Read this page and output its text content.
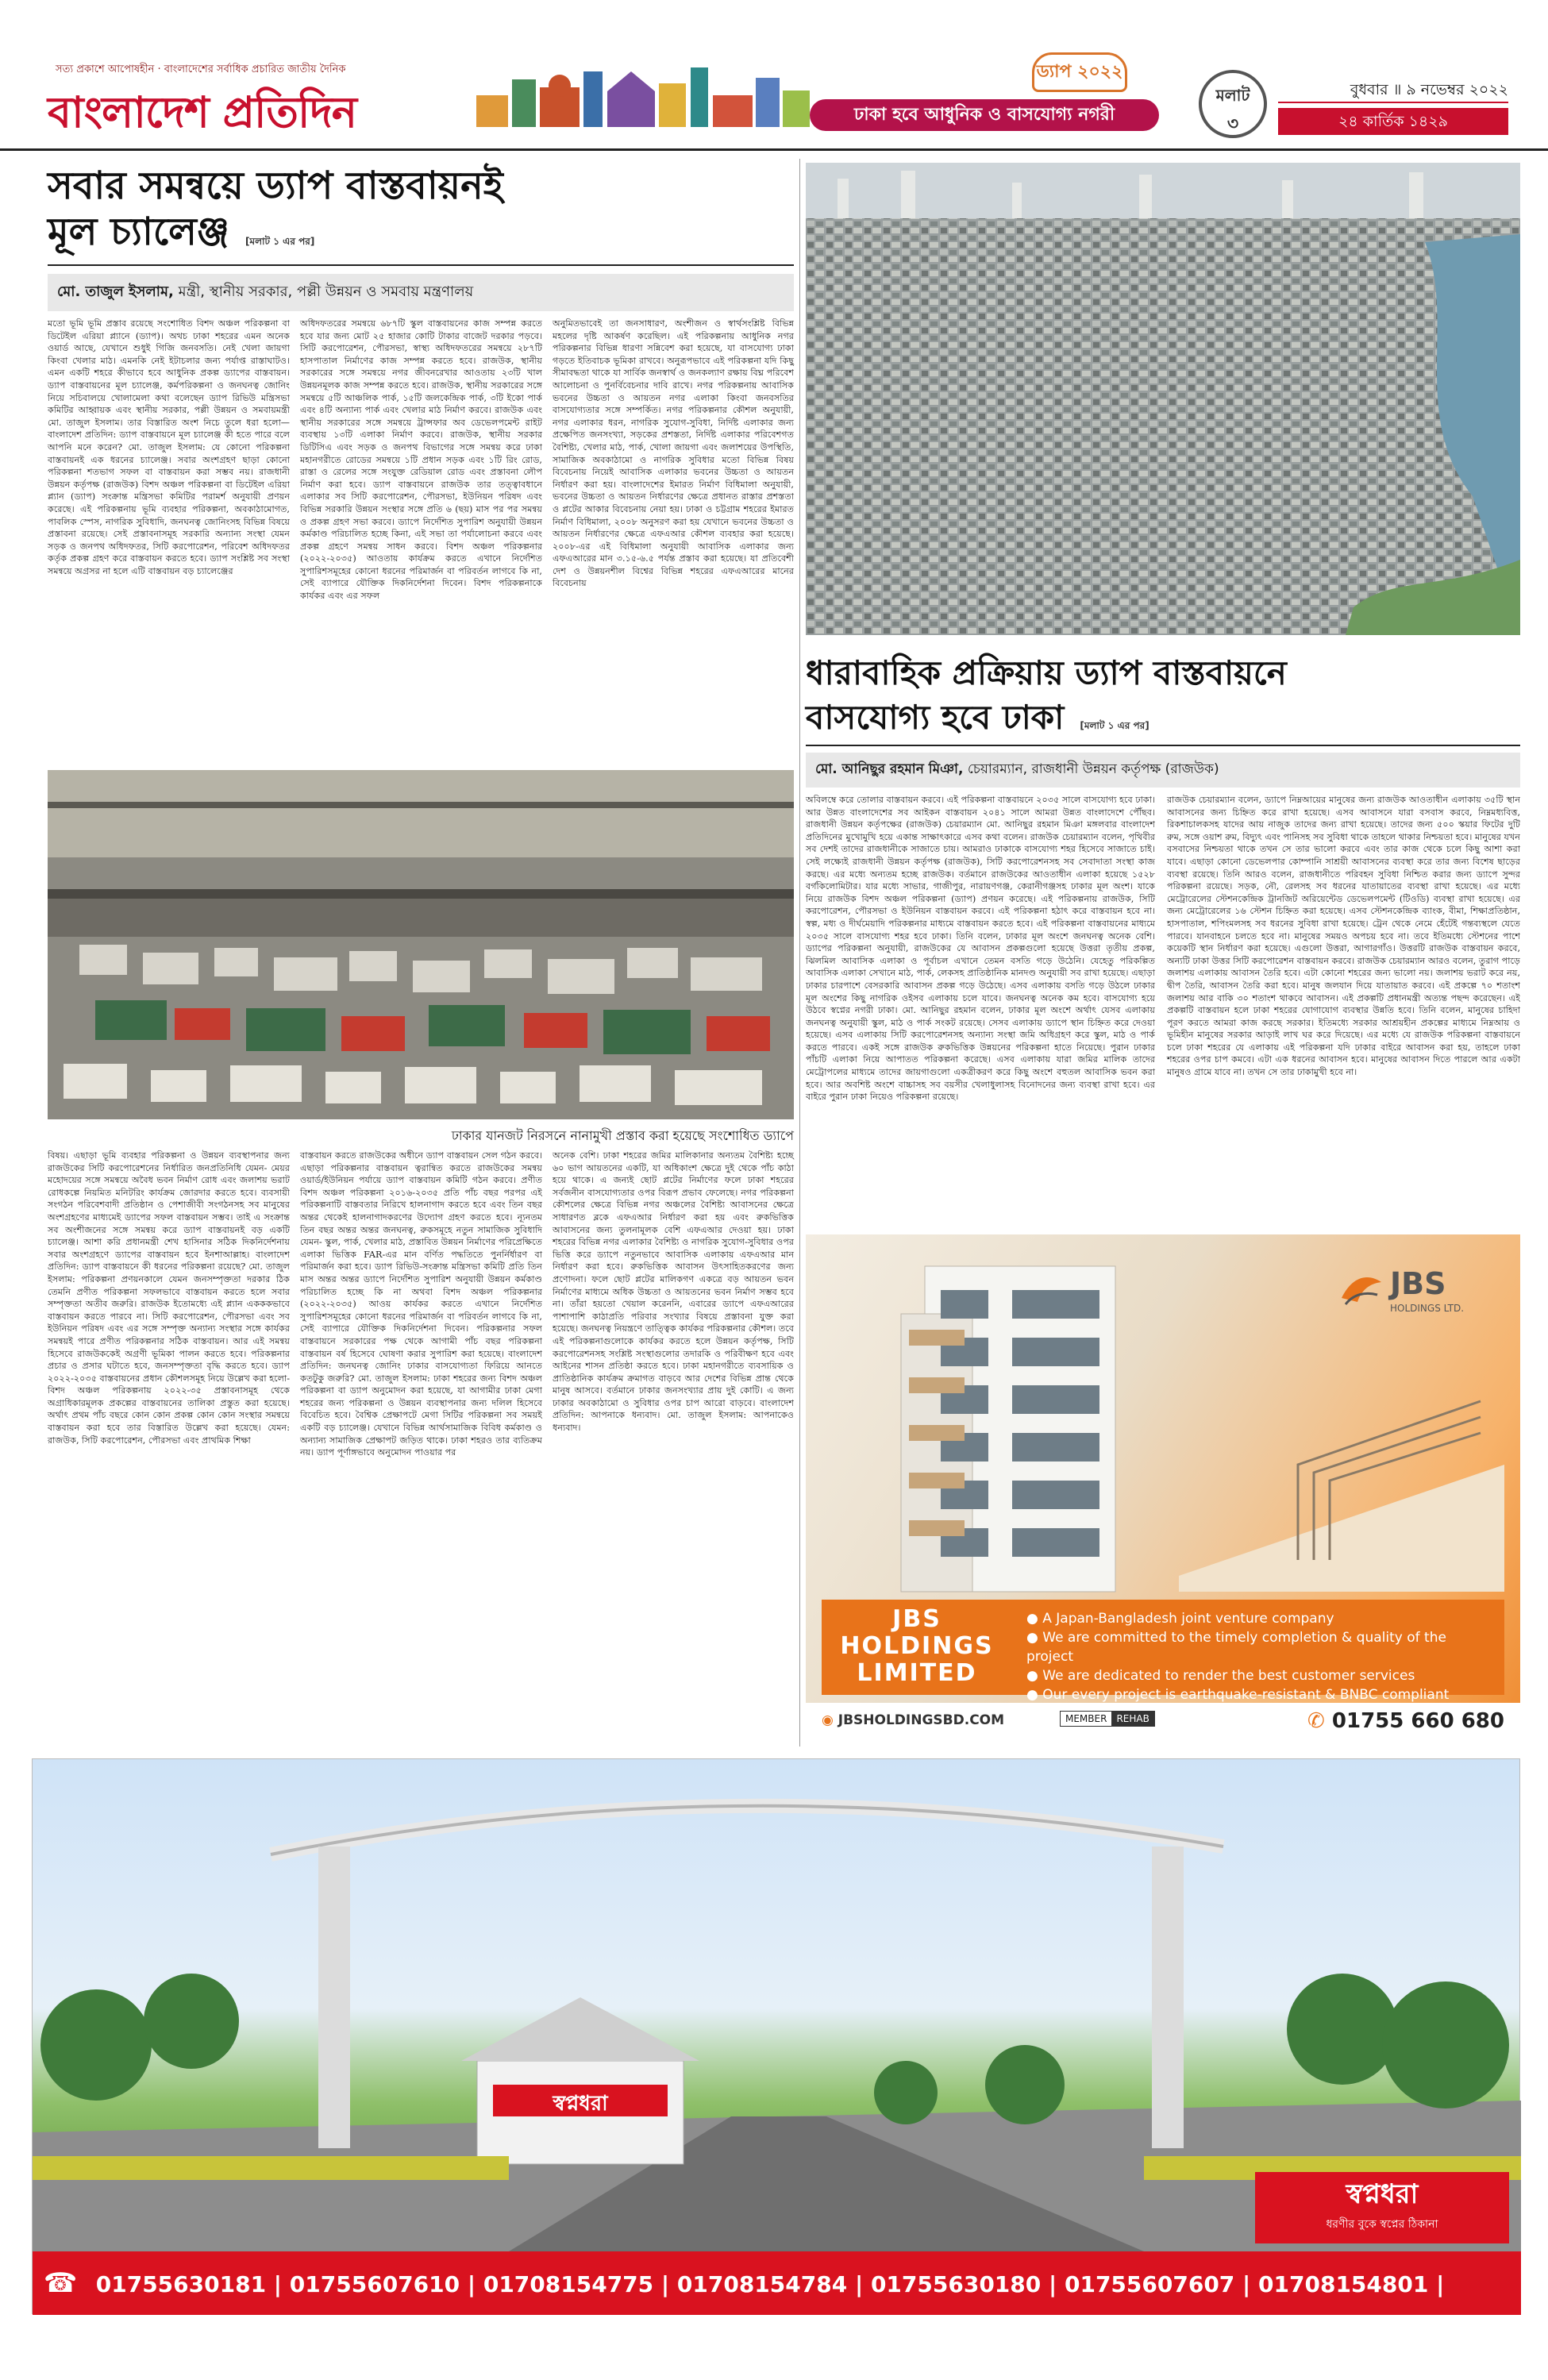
সত্য প্রকাশে আপোষহীন · বাংলাদেশের সর্বাধিক প্রচারিত জাতীয় দৈনিক
বাংলাদেশ প্রতিদিন
ড্যাপ ২০২২
ঢাকা হবে আধুনিক ও বাসযোগ্য নগরী
মলাট
৩
বুধবার ॥ ৯ নভেম্বর ২০২২
২৪ কার্তিক ১৪২৯
সবার সমন্বয়ে ড্যাপ বাস্তবায়নই
মূল চ্যালেঞ্জ [মলাট ১ এর পর]
মো. তাজুল ইসলাম, মন্ত্রী, স্থানীয় সরকার, পল্লী উন্নয়ন ও সমবায় মন্ত্রণালয়
মতো ভূমি ভূমি প্রস্তাব রয়েছে সংশোধিত বিশদ অঞ্চল পরিকল্পনা বা ডিটেইল এরিয়া প্ল্যানে (ড্যাপ)। অথচ ঢাকা শহরের এমন অনেক ওয়ার্ড আছে, যেখানে শুধুই গিজি জনবসতি। নেই খেলা জায়গা কিংবা খেলার মাঠ। এমনকি নেই ইটাচলার জন্য পর্যাপ্ত রাস্তাঘাটও। এমন একটি শহরে কীভাবে হবে আধুনিক প্রকল্প ড্যাপের বাস্তবায়ন। ড্যাপ বাস্তবায়নের মূল চ্যালেঞ্জ, কর্মপরিকল্পনা ও জনঘনত্ব জোনিং নিয়ে সচিবালয়ে খোলামেলা কথা বলেছেন ড্যাপ রিভিউ মন্ত্রিসভা কমিটির আহ্বায়ক এবং স্থানীয় সরকার, পল্লী উন্নয়ন ও সমবায়মন্ত্রী মো. তাজুল ইসলাম। তার বিস্তারিত অংশ নিচে তুলে ধরা হলো— বাংলাদেশ প্রতিদিন: ড্যাপ বাস্তবায়নে মূল চ্যালেঞ্জ কী হতে পারে বলে আপনি মনে করেন? মো. তাজুল ইসলাম: যে কোনো পরিকল্পনা বাস্তবায়নই এক ধরনের চ্যালেঞ্জ। সবার অংশগ্রহণ ছাড়া কোনো পরিকল্পনা শতভাগ সফল বা বাস্তবায়ন করা সম্ভব নয়। রাজধানী উন্নয়ন কর্তৃপক্ষ (রাজউক) বিশদ অঞ্চল পরিকল্পনা বা ডিটেইল এরিয়া প্ল্যান (ড্যাপ) সংক্রান্ত মন্ত্রিসভা কমিটির পরামর্শ অনুযায়ী প্রণয়ন করেছে। এই পরিকল্পনায় ভূমি ব্যবহার পরিকল্পনা, অবকাঠামোগত, পাবলিক স্পেস, নাগরিক সুবিধাদি, জনঘনত্ব জোনিংসহ বিভিন্ন বিষয়ে প্রস্তাবনা রয়েছে। সেই প্রস্তাবনাসমূহ সরকারি অন্যান্য সংস্থা যেমন সড়ক ও জনপথ অধিদফতর, সিটি করপোরেশন, পরিবেশ অধিদফতর কর্তৃক প্রকল্প গ্রহণ করে বাস্তবায়ন করতে হবে। ড্যাপ সংশ্লিষ্ট সব সংস্থা সমন্বয়ে অগ্রসর না হলে এটি বাস্তবায়ন বড় চ্যালেঞ্জের
অধিদফতরের সমন্বয়ে ৬৮৭টি স্কুল বাস্তবায়নের কাজ সম্পন্ন করতে হবে যার জন্য মোট ২৫ হাজার কোটি টাকার বাজেট দরকার পড়বে। সিটি করপোরেশন, পৌরসভা, স্বাস্থ্য অধিদফতরের সমন্বয়ে ২৮৭টি হাসপাতাল নির্মাণের কাজ সম্পন্ন করতে হবে। রাজউক, স্থানীয় সরকারের সঙ্গে সমন্বয়ে নগর জীবনরেখার আওতায় ২৩টি খাল উন্নয়নমূলক কাজ সম্পন্ন করতে হবে। রাজউক, স্থানীয় সরকারের সঙ্গে সমন্বয়ে ৫টি আঞ্চলিক পার্ক, ১৫টি জলকেন্দ্রিক পার্ক, ৩টি ইকো পার্ক এবং ৪টি অন্যান্য পার্ক এবং খেলার মাঠ নির্মাণ করবে। রাজউক এবং স্থানীয় সরকারের সঙ্গে সমন্বয়ে ট্রান্সফার অব ডেভেলপমেন্ট রাইট ব্যবস্থায় ১৩টি এলাকা নির্মাণ করবে। রাজউক, স্থানীয় সরকার ডিটিসিএ এবং সড়ক ও জনপথ বিভাগের সঙ্গে সমন্বয় করে ঢাকা মহানগরীতে রোডের সমন্বয়ে ১টি প্রধান সড়ক এবং ১টি রিং রোড, রাস্তা ও রেলের সঙ্গে সংযুক্ত রেডিয়াল রোড এবং প্রস্তাবনা লৌপ নির্মাণ করা হবে। ড্যাপ বাস্তবায়নে রাজউক তার তত্ত্বাবধানে এলাকার সব সিটি করপোরেশন, পৌরসভা, ইউনিয়ন পরিষদ এবং বিভিন্ন সরকারি উন্নয়ন সংস্থার সঙ্গে প্রতি ৬ (ছয়) মাস পর পর সমন্বয় ও প্রকল্প গ্রহণ সভা করবে। ড্যাপে নির্দেশিত সুপারিশ অনুযায়ী উন্নয়ন কর্মকাণ্ড পরিচালিত হচ্ছে কিনা, এই সভা তা পর্যালোচনা করবে এবং প্রকল্প গ্রহণে সমন্বয় সাধন করবে। বিশদ অঞ্চল পরিকল্পনার (২০২২-২০৩৫) আওতায় কার্যক্রম করতে এখানে নির্দেশিত সুপারিশসমূহের কোনো ধরনের পরিমার্জন বা পরিবর্তন লাগবে কি না, সেই ব্যাপারে যৌক্তিক দিকনির্দেশনা দিবেন। বিশদ পরিকল্পনাকে কার্যকর এবং এর সফল
অনুমিতভাবেই তা জনসাধারণ, অংশীজন ও স্বার্থসংশ্লিষ্ট বিভিন্ন মহলের দৃষ্টি আকর্ষণ করেছিল। এই পরিকল্পনায় আধুনিক নগর পরিকল্পনার বিভিন্ন ধারণা সন্নিবেশ করা হয়েছে, যা বাসযোগ্য ঢাকা গড়তে ইতিবাচক ভূমিকা রাখবে। অনুরূপভাবে এই পরিকল্পনা যদি কিছু সীমাবদ্ধতা থাকে যা সার্বিক জনস্বার্থ ও জনকল্যাণ রক্ষায় বিঘ্ন পরিবেশ আলোচনা ও পুনর্বিবেচনার দাবি রাখে। নগর পরিকল্পনায় আবাসিক ভবনের উচ্চতা ও আয়তন নগর এলাকা কিংবা জনবসতির বাসযোগ্যতার সঙ্গে সম্পর্কিত। নগর পরিকল্পনার কৌশল অনুযায়ী, নগর এলাকার ধরন, নাগরিক সুযোগ-সুবিধা, নির্দিষ্ট এলাকার জন্য প্রক্ষেপিত জনসংখ্যা, সড়কের প্রশস্ততা, নির্দিষ্ট এলাকার পরিবেশগত বৈশিষ্ট্য, খেলার মাঠ, পার্ক, খোলা জায়গা এবং জলাশয়ের উপস্থিতি, সামাজিক অবকাঠামো ও নাগরিক সুবিধার মতো বিভিন্ন বিষয় বিবেচনায় নিয়েই আবাসিক এলাকার ভবনের উচ্চতা ও আয়তন নির্ধারণ করা হয়। বাংলাদেশের ইমারত নির্মাণ বিধিমালা অনুযায়ী, ভবনের উচ্চতা ও আয়তন নির্ধারণের ক্ষেত্রে প্রধানত রাস্তার প্রশস্ততা ও প্লটের আকার বিবেচনায় নেয়া হয়। ঢাকা ও চট্টগ্রাম শহরের ইমারত নির্মাণ বিধিমালা, ২০০৮ অনুসরণ করা হয় যেখানে ভবনের উচ্চতা ও আয়তন নির্ধারণের ক্ষেত্রে এফএআর কৌশল ব্যবহার করা হয়েছে। ২০০৮-এর এই বিধিমালা অনুযায়ী আবাসিক এলাকার জন্য এফএআরের মান ৩.১৫-৬.৫ পর্যন্ত প্রস্তাব করা হয়েছে। যা প্রতিবেশী দেশ ও উন্নয়নশীল বিশ্বের বিভিন্ন শহরের এফএআরের মানের বিবেচনায়
ঢাকার যানজট নিরসনে নানামুখী প্রস্তাব করা হয়েছে সংশোধিত ড্যাপে
বিষয়। এছাড়া ভূমি ব্যবহার পরিকল্পনা ও উন্নয়ন ব্যবস্থাপনার জন্য রাজউকের সিটি করপোরেশনের নির্ধারিত জনপ্রতিনিধি যেমন- মেয়র মহোদয়ের সঙ্গে সমন্বয়ে অবৈধ ভবন নির্মাণ রোধ এবং জলাশয় ভরাট রোধকল্পে নিয়মিত মনিটরিং কার্যক্রম জোরদার করতে হবে। ব্যবসায়ী সংগঠন পরিবেশবাদী প্রতিষ্ঠান ও পেশাজীবী সংগঠনসহ সব মানুষের অংশগ্রহণের মাধ্যমেই ড্যাপের সফল বাস্তবায়ন সম্ভব। তাই এ সংক্রান্ত সব অংশীজনের সঙ্গে সমন্বয় করে ড্যাপ বাস্তবায়নই বড় একটি চ্যালেঞ্জ। আশা করি প্রধানমন্ত্রী শেখ হাসিনার সঠিক দিকনির্দেশনায় সবার অংশগ্রহণে ড্যাপের বাস্তবায়ন হবে ইনশাআল্লাহ। বাংলাদেশ প্রতিদিন: ড্যাপ বাস্তবায়নে কী ধরনের পরিকল্পনা রয়েছে? মো. তাজুল ইসলাম: পরিকল্পনা প্রণয়নকালে যেমন জনসম্পৃক্ততা দরকার ঠিক তেমনি প্রণীত পরিকল্পনা সফলভাবে বাস্তবায়ন করতে হলে সবার সম্পৃক্ততা অতীব জরুরি। রাজউক ইতোমধ্যে এই প্ল্যান একককভাবে বাস্তবায়ন করতে পারবে না। সিটি করপোরেশন, পৌরসভা এবং সব ইউনিয়ন পরিষদ এবং এর সঙ্গে সম্পৃক্ত অন্যান্য সংস্থার সঙ্গে কার্যকর সমন্বয়ই পারে প্রণীত পরিকল্পনার সঠিক বাস্তবায়ন। আর এই সমন্বয় হিসেবে রাজউককেই অগ্রণী ভূমিকা পালন করতে হবে। পরিকল্পনার প্রচার ও প্রসার ঘটাতে হবে, জনসম্পৃক্ততা বৃদ্ধি করতে হবে। ড্যাপ ২০২২-২০৩৫ বাস্তবায়নের প্রধান কৌশলসমূহ নিয়ে উল্লেখ করা হলো-বিশদ অঞ্চল পরিকল্পনায় ২০২২-৩৫ প্রস্তাবনাসমূহ থেকে অগ্রাধিকারমূলক প্রকল্পের বাস্তবায়নের তালিকা প্রস্তুত করা হয়েছে। অর্থাৎ প্রথম পাঁচ বছরে কোন কোন প্রকল্প কোন কোন সংস্থার সমন্বয়ে বাস্তবায়ন করা হবে তার বিস্তারিত উল্লেখ করা হয়েছে। যেমন: রাজউক, সিটি করপোরেশন, পৌরসভা এবং প্রাথমিক শিক্ষা
বাস্তবায়ন করতে রাজউকের অধীনে ড্যাপ বাস্তবায়ন সেল গঠন করবে। এছাড়া পরিকল্পনার বাস্তবায়ন ত্বরান্বিত করতে রাজউকের সমন্বয় ওয়ার্ড/ইউনিয়ন পর্যায়ে ড্যাপ বাস্তবায়ন কমিটি গঠন করবে। প্রণীত বিশদ অঞ্চল পরিকল্পনা ২০১৬-২০৩৫ প্রতি পাঁচ বছর পরপর এই পরিকল্পনাটি বাস্তবতার নিরিখে হালনাগাদ করতে হবে এবং তিন বছর অন্তর থেকেই হালনাগাদকরণের উদ্যোগ গ্রহণ করতে হবে। ন্যূনতম তিন বছর অন্তর অন্তর জনঘনত্ব, রুকসমূহে নতুন সামাজিক সুবিধাদি যেমন- স্কুল, পার্ক, খেলার মাঠ, প্রস্তাবিত উন্নয়ন নির্মাণের পরিপ্রেক্ষিতে এলাকা ভিত্তিক FAR-এর মান বর্ণিত পদ্ধতিতে পুনর্নির্ধারণ বা পরিমার্জন করা হবে। ড্যাপ রিভিউ-সংক্রান্ত মন্ত্রিসভা কমিটি প্রতি তিন মাস অন্তর অন্তর ড্যাপে নির্দেশিত সুপারিশ অনুযায়ী উন্নয়ন কর্মকাণ্ড পরিচালিত হচ্ছে কি না অথবা বিশদ অঞ্চল পরিকল্পনার (২০২২-২০৩৫) আওয় কার্যকর করতে এখানে নির্দেশিত সুপারিশসমূহের কোনো ধরনের পরিমার্জন বা পরিবর্তন লাগবে কি না, সেই ব্যাপারে যৌক্তিক দিকনির্দেশনা দিবেন। পরিকল্পনার সফল বাস্তবায়নে সরকারের পক্ষ থেকে আগামী পাঁচ বছর পরিকল্পনা বাস্তবায়ন বর্ষ হিসেবে ঘোষণা করার সুপারিশ করা হয়েছে। বাংলাদেশ প্রতিদিন: জনঘনত্ব জোনিং ঢাকার বাসযোগ্যতা ফিরিয়ে আনতে কতটুকু জরুরি? মো. তাজুল ইসলাম: ঢাকা শহরের জন্য বিশদ অঞ্চল পরিকল্পনা বা ড্যাপ অনুমোদন করা হয়েছে, যা আগামীর ঢাকা মেগা শহরের জন্য পরিকল্পনা ও উন্নয়ন ব্যবস্থাপনার জন্য দলিল হিসেবে বিবেচিত হবে। বৈশ্বিক প্রেক্ষাপটে মেগা সিটির পরিকল্পনা সব সময়ই একটি বড় চ্যালেঞ্জ। যেখানে বিভিন্ন আর্থসামাজিক বিবিধ কর্মকাণ্ড ও অন্যান্য সামাজিক প্রেক্ষাপট জড়িত থাকে। ঢাকা শহরও তার ব্যতিক্রম নয়। ড্যাপ পূর্ণাঙ্গভাবে অনুমোদন পাওয়ার পর
অনেক বেশি। ঢাকা শহরের জমির মালিকানার অন্যতম বৈশিষ্ট্য হচ্ছে ৬০ ভাগ আয়তনের একটি, যা অধিকাংশ ক্ষেত্রে দুই থেকে পাঁচ কাঠা হয়ে থাকে। এ জন্যই ছোট প্লটের নির্মাণের ফলে ঢাকা শহরের সর্বজনীন বাসযোগ্যতার ওপর বিরূপ প্রভাব ফেলেছে। নগর পরিকল্পনা কৌশলের ক্ষেত্রে বিভিন্ন নগর অঞ্চলের বৈশিষ্ট্য আবাসনের ক্ষেত্রে সাধারণত ব্লকে এফএআর নির্ধারণ করা হয় এবং রুকভিত্তিক আবাসনের জন্য তুলনামূলক বেশি এফএআর দেওয়া হয়। ঢাকা শহরের বিভিন্ন নগর এলাকার বৈশিষ্ট্য ও নাগরিক সুযোগ-সুবিধার ওপর ভিত্তি করে ড্যাপে নতুনভাবে আবাসিক এলাকায় এফএআর মান নির্ধারণ করা হবে। রুকভিত্তিক আবাসন উৎসাহিতকরণের জন্য প্রণোদনা। ফলে ছোট প্লটের মালিকগণ একত্রে বড় আয়তন ভবন নির্মাণের মাধ্যমে অধিক উচ্চতা ও আয়তনের ভবন নির্মাণ সম্ভব হবে না। তাঁরা হয়তো খেয়াল করেননি, এবারের ড্যাপে এফএআরের পাশাপাশি কাঠাপ্রতি পরিবার সংখ্যার বিষয়ে প্রস্তাবনা যুক্ত করা হয়েছে। জনঘনত্ব নিয়ন্ত্রণে তাত্ত্বিক কার্যকর পরিকল্পনার কৌশল। তবে এই পরিকল্পনাগুলোকে কার্যকর করতে হলে উন্নয়ন কর্তৃপক্ষ, সিটি করপোরেশনসহ সংশ্লিষ্ট সংস্থাগুলোর তদারকি ও পরিবীক্ষণ হবে এবং আইনের শাসন প্রতিষ্ঠা করতে হবে। ঢাকা মহানগরীতে ব্যবসায়িক ও প্রাতিষ্ঠানিক কার্যক্রম ক্রমাগত বাড়বে আর দেশের বিভিন্ন প্রান্ত থেকে মানুষ আসবে। বর্তমানে ঢাকার জনসংখ্যার প্রায় দুই কোটি। এ জন্য ঢাকার অবকাঠামো ও সুবিধার ওপর চাপ আরো বাড়বে। বাংলাদেশ প্রতিদিন: আপনাকে ধন্যবাদ। মো. তাজুল ইসলাম: আপনাকেও ধন্যবাদ।
ধারাবাহিক প্রক্রিয়ায় ড্যাপ বাস্তবায়নে
বাসযোগ্য হবে ঢাকা [মলাট ১ এর পর]
মো. আনিছুর রহমান মিঞা, চেয়ারম্যান, রাজধানী উন্নয়ন কর্তৃপক্ষ (রাজউক)
অবিলম্বে করে তোলার বাস্তবায়ন করবে। এই পরিকল্পনা বাস্তবায়নে ২০৩৫ সালে বাসযোগ্য হবে ঢাকা। আর উন্নত বাংলাদেশের সব আইকন বাস্তবায়ন ২০৪১ সালে আমরা উন্নত বাংলাদেশে পৌঁছব। রাজধানী উন্নয়ন কর্তৃপক্ষের (রাজউক) চেয়ারম্যান মো. আনিছুর রহমান মিঞা মঙ্গলবার বাংলাদেশ প্রতিদিনের মুখোমুখি হয়ে একান্ত সাক্ষাৎকারে এসব কথা বলেন। রাজউক চেয়ারম্যান বলেন, পৃথিবীর সব দেশই তাদের রাজধানীকে সাজাতে চায়। আমরাও ঢাকাকে বাসযোগ্য শহর হিসেবে সাজাতে চাই। সেই লক্ষ্যেই রাজধানী উন্নয়ন কর্তৃপক্ষ (রাজউক), সিটি করপোরেশনসহ সব সেবাদাতা সংস্থা কাজ করছে। এর মধ্যে অন্যতম হচ্ছে রাজউক। বর্তমানে রাজউকের আওতাধীন এলাকা হয়েছে ১৫২৮ বর্গকিলোমিটার। যার মধ্যে সাভার, গাজীপুর, নারায়ণগঞ্জ, কেরানীগঞ্জসহ ঢাকার মূল অংশ। যাকে নিয়ে রাজউক বিশদ অঞ্চল পরিকল্পনা (ড্যাপ) প্রণয়ন করেছে। এই পরিকল্পনায় রাজউক, সিটি করপোরেশন, পৌরসভা ও ইউনিয়ন বাস্তবায়ন করবে। এই পরিকল্পনা হঠাৎ করে বাস্তবায়ন হবে না। স্বল্প, মধ্য ও দীর্ঘমেয়াদি পরিকল্পনার মাধ্যমে বাস্তবায়ন করতে হবে। এই পরিকল্পনা বাস্তবায়নের মাধ্যমে ২০৩৫ সালে বাসযোগ্য শহর হবে ঢাকা। তিনি বলেন, ঢাকার মূল অংশে জনঘনত্ব অনেক বেশি। ড্যাপের পরিকল্পনা অনুযায়ী, রাজউকের যে আবাসন প্রকল্পগুলো হয়েছে উত্তরা তৃতীয় প্রকল্প, ঝিলমিল আবাসিক এলাকা ও পূর্বাচল এখানে তেমন বসতি গড়ে উঠেনি। যেহেতু পরিকল্পিত আবাসিক এলাকা সেখানে মাঠ, পার্ক, লেকসহ প্রাতিষ্ঠানিক মানদণ্ড অনুযায়ী সব রাখা হয়েছে। এছাড়া ঢাকার চারপাশে বেসরকারি আবাসন প্রকল্প গড়ে উঠেছে। এসব এলাকায় বসতি গড়ে উঠলে ঢাকার মূল অংশের কিছু নাগরিক ওইসব এলাকায় চলে যাবে। জনঘনত্ব অনেক কম হবে। বাসযোগ্য হয়ে উঠবে স্বপ্নের নগরী ঢাকা। মো. আনিছুর রহমান বলেন, ঢাকার মূল অংশে অর্থাৎ যেসব এলাকায় জনঘনত্ব অনুযায়ী স্কুল, মাঠ ও পার্ক সংকট রয়েছে। সেসব এলাকায় ড্যাপে স্থান চিহ্নিত করে দেওয়া হয়েছে। এসব এলাকায় সিটি করপোরেশনসহ অন্যান্য সংস্থা জমি অধিগ্রহণ করে স্কুল, মাঠ ও পার্ক করতে পারবে। একই সঙ্গে রাজউক রুকভিত্তিক উন্নয়নের পরিকল্পনা হাতে নিয়েছে। পুরান ঢাকার পাঁচটি এলাকা নিয়ে আপাতত পরিকল্পনা করেছে। এসব এলাকায় যারা জমির মালিক তাদের মেট্রোপলের মাধ্যমে তাদের জায়গাগুলো একত্রীকরণ করে কিছু অংশে বহুতল আবাসিক ভবন করা হবে। আর অবশিষ্ট অংশে বাচ্চাসহ সব বয়সীর খেলাধুলাসহ বিনোদনের জন্য ব্যবস্থা রাখা হবে। এর বাইরে পুরান ঢাকা নিয়েও পরিকল্পনা রয়েছে।
রাজউক চেয়ারম্যান বলেন, ড্যাপে নিম্নআয়ের মানুষের জন্য রাজউক আওতাধীন এলাকায় ৩৫টি স্থান আবাসনের জন্য চিহ্নিত করে রাখা হয়েছে। এসব আবাসনে যারা বসবাস করবে, নিম্নমধ্যবিত্ত, রিকশাচালকসহ যাদের আয় নাজুক তাদের জন্য রাখা হয়েছে। তাদের জন্য ৫০০ স্কয়ার ফিটের দুটি রুম, সঙ্গে ওয়াশ রুম, বিদ্যুৎ এবং পানিসহ সব সুবিধা থাকে তাহলে থাকার নিশ্চয়তা হবে। মানুষের যখন বসবাসের নিশ্চয়তা থাকে তখন সে তার ভালো করবে এবং তার কাজ থেকে চলে কিছু আশা করা যাবে। এছাড়া কোনো ডেভেলপার কোম্পানি সাশ্রয়ী আবাসনের ব্যবস্থা করে তার জন্য বিশেষ ছাড়ের ব্যবস্থা রয়েছে। তিনি আরও বলেন, রাজধানীতে পরিবহন সুবিধা নিশ্চিত করার জন্য ড্যাপে সুন্দর পরিকল্পনা রয়েছে। সড়ক, নৌ, রেলসহ সব ধরনের যাতায়াতের ব্যবস্থা রাখা হয়েছে। এর মধ্যে মেট্রোরেলের স্টেশনকেন্দ্রিক ট্রানজিট অরিয়েন্টেড ডেভেলপমেন্ট (টিওডি) ব্যবস্থা রাখা হয়েছে। এর জন্য মেট্রোরেলের ১৬ স্টেশন চিহ্নিত করা হয়েছে। এসব স্টেশনকেন্দ্রিক ব্যাংক, বীমা, শিক্ষাপ্রতিষ্ঠান, হাসপাতাল, শপিংমলসহ সব ধরনের সুবিধা রাখা হয়েছে। ট্রেন থেকে নেমে হেঁটেই গন্তব্যস্থলে যেতে পারবে। যানবাহনে চলতে হবে না। মানুষের সময়ও অপচয় হবে না। তবে ইতিমধ্যে স্টেশনের পাশে কয়েকটি স্থান নির্ধারণ করা হয়েছে। এগুলো উত্তরা, আগারগাঁও। উত্তরটি রাজউক বাস্তবায়ন করবে, অন্যটি ঢাকা উত্তর সিটি করপোরেশন বাস্তবায়ন করবে। রাজউক চেয়ারম্যান আরও বলেন, তুরাগ পাড়ে জলাশয় এলাকায় আবাসন তৈরি হবে। এটা কোনো শহরের জন্য ভালো নয়। জলাশয় ভরাট করে নয়, দ্বীপ তৈরি, আবাসন তৈরি করা হবে। মানুষ জলযান দিয়ে যাতায়াত করবে। এই প্রকল্পে ৭০ শতাংশ জলাশয় আর বাকি ৩০ শতাংশ থাকবে আবাসন। এই প্রকল্পটি প্রধানমন্ত্রী অত্যন্ত পছন্দ করেছেন। এই প্রকল্পটি বাস্তবায়ন হলে ঢাকা শহরের যোগাযোগ ব্যবস্থার উন্নতি হবে। তিনি বলেন, মানুষের চাহিদা পূরণ করতে আমরা কাজ করছে সরকার। ইতিমধ্যে সরকার আশ্রয়হীন প্রকল্পের মাধ্যমে নিম্নআয় ও ভূমিহীন মানুষের সরকার আড়াই লাখ ঘর করে দিয়েছে। এর মধ্যে যে রাজউক পরিকল্পনা বাস্তবায়নে চলে ঢাকা শহরের যে এলাকায় এই পরিকল্পনা যদি ঢাকার বাইরে আবাসন করা হয়, তাহলে ঢাকা শহরের ওপর চাপ কমবে। এটা এক ধরনের আবাসন হবে। মানুষের আবাসন দিতে পারলে আর একটা মানুষও গ্রামে যাবে না। তখন সে তার ঢাকামুখী হবে না।
JBS
HOLDINGS LTD.
JBS
HOLDINGS
LIMITED
● A Japan-Bangladesh joint venture company
● We are committed to the timely completion & quality of the project
● We are dedicated to render the best customer services
● Our every project is earthquake-resistant & BNBC compliant
◉ JBSHOLDINGSBD.COM	MEMBER REHAB	✆ 01755 660 680
স্বপ্নধরা
স্বপ্নধরা
ধরণীর বুকে স্বপ্নের ঠিকানা
☎ 01755630181 | 01755607610 | 01708154775 | 01708154784 | 01755630180 | 01755607607 | 01708154801 | 01755630194
